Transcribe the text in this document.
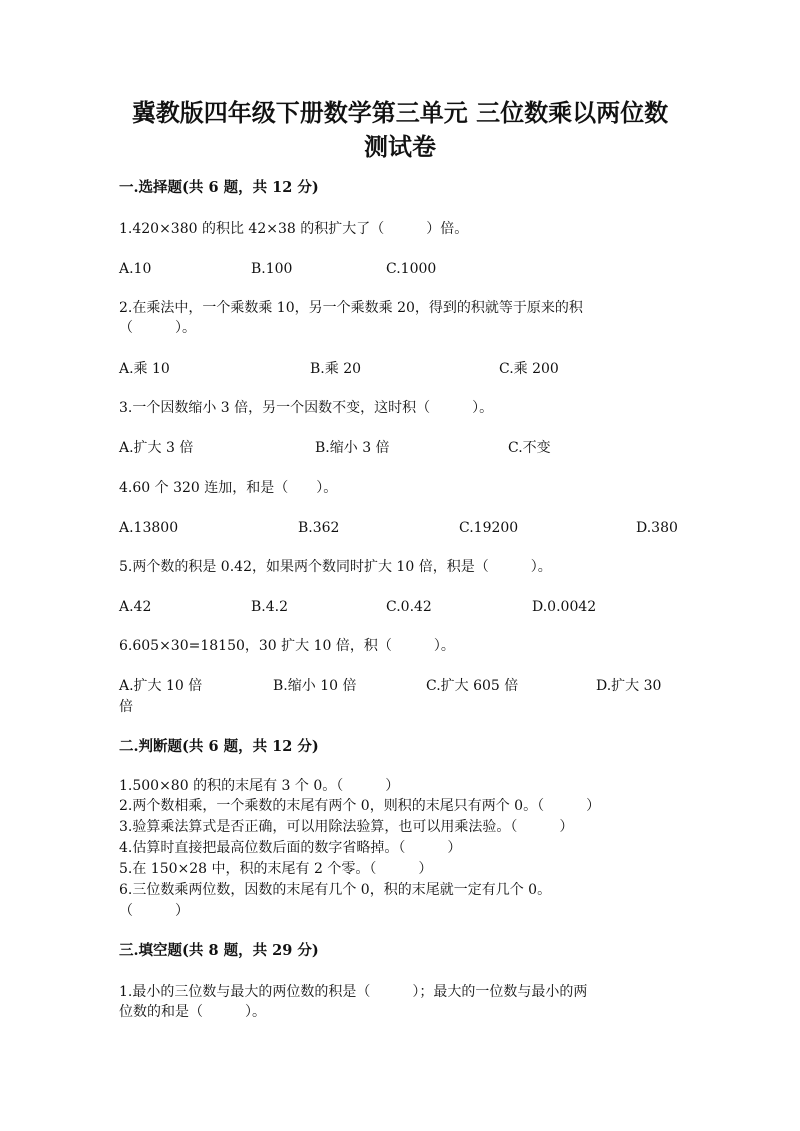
冀教版四年级下册数学第三单元 三位数乘以两位数
测试卷
一.选择题(共 6 题，共 12 分)
1.420×380 的积比 42×38 的积扩大了（　　　）倍。
A.10	B.100	C.1000
2.在乘法中，一个乘数乘 10，另一个乘数乘 20，得到的积就等于原来的积
（　　　）。
A.乘 10	B.乘 20	C.乘 200
3.一个因数缩小 3 倍，另一个因数不变，这时积（　　　）。
A.扩大 3 倍	B.缩小 3 倍	C.不变
4.60 个 320 连加，和是（　　）。
A.13800	B.362	C.19200	D.380
5.两个数的积是 0.42，如果两个数同时扩大 10 倍，积是（　　　）。
A.42	B.4.2	C.0.42	D.0.0042
6.605×30=18150，30 扩大 10 倍，积（　　　）。
A.扩大 10 倍	B.缩小 10 倍	C.扩大 605 倍	D.扩大 30
倍
二.判断题(共 6 题，共 12 分)
1.500×80 的积的末尾有 3 个 0。（　　　）
2.两个数相乘，一个乘数的末尾有两个 0，则积的末尾只有两个 0。（　　　）
3.验算乘法算式是否正确，可以用除法验算，也可以用乘法验。（　　　）
4.估算时直接把最高位数后面的数字省略掉。（　　　）
5.在 150×28 中，积的末尾有 2 个零。（　　　）
6.三位数乘两位数，因数的末尾有几个 0，积的末尾就一定有几个 0。
（　　　）
三.填空题(共 8 题，共 29 分)
1.最小的三位数与最大的两位数的积是（　　　）；最大的一位数与最小的两
位数的和是（　　　）。
